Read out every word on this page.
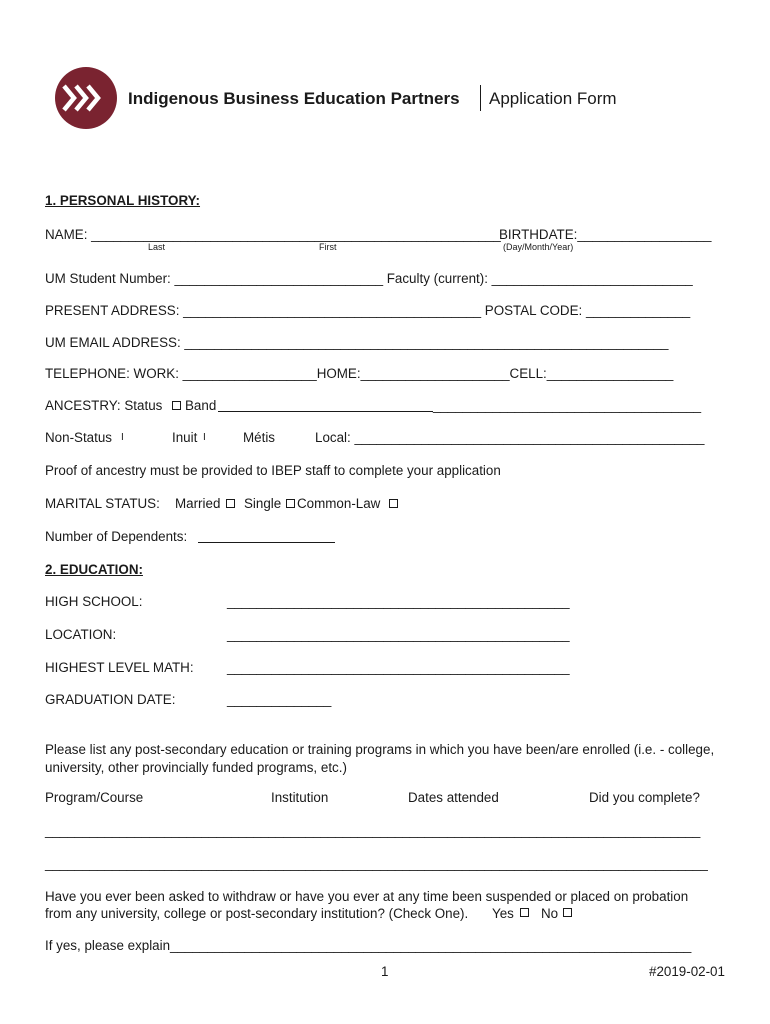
Indigenous Business Education Partners Application Form
1. PERSONAL HISTORY:
NAME: _______________________________________________________
BIRTHDATE:__________________
Last	First	(Day/Month/Year)
UM Student Number: ____________________________ Faculty (current): ___________________________
PRESENT ADDRESS: ________________________________________ POSTAL CODE: ______________
UM EMAIL ADDRESS: _________________________________________________________________
TELEPHONE: WORK: __________________HOME:____________________CELL:_________________
ANCESTRY: Status Band	____________________________________
Non-Status I	Inuit I	Métis	Local: _______________________________________________
Proof of ancestry must be provided to IBEP staff to complete your application
MARITAL STATUS: Married Single Common-Law
Number of Dependents:
2. EDUCATION:
HIGH SCHOOL:	______________________________________________
LOCATION:	______________________________________________
HIGHEST LEVEL MATH: ______________________________________________
GRADUATION DATE:	______________
Please list any post-secondary education or training programs in which you have been/are enrolled (i.e. - college,
university, other provincially funded programs, etc.)
Program/Course	Institution	Dates attended	Did you complete?
________________________________________________________________________________________
_________________________________________________________________________________________
Have you ever been asked to withdraw or have you ever at any time been suspended or placed on probation
from any university, college or post-secondary institution? (Check One). Yes No
If yes, please explain______________________________________________________________________
1	#2019-02-01
